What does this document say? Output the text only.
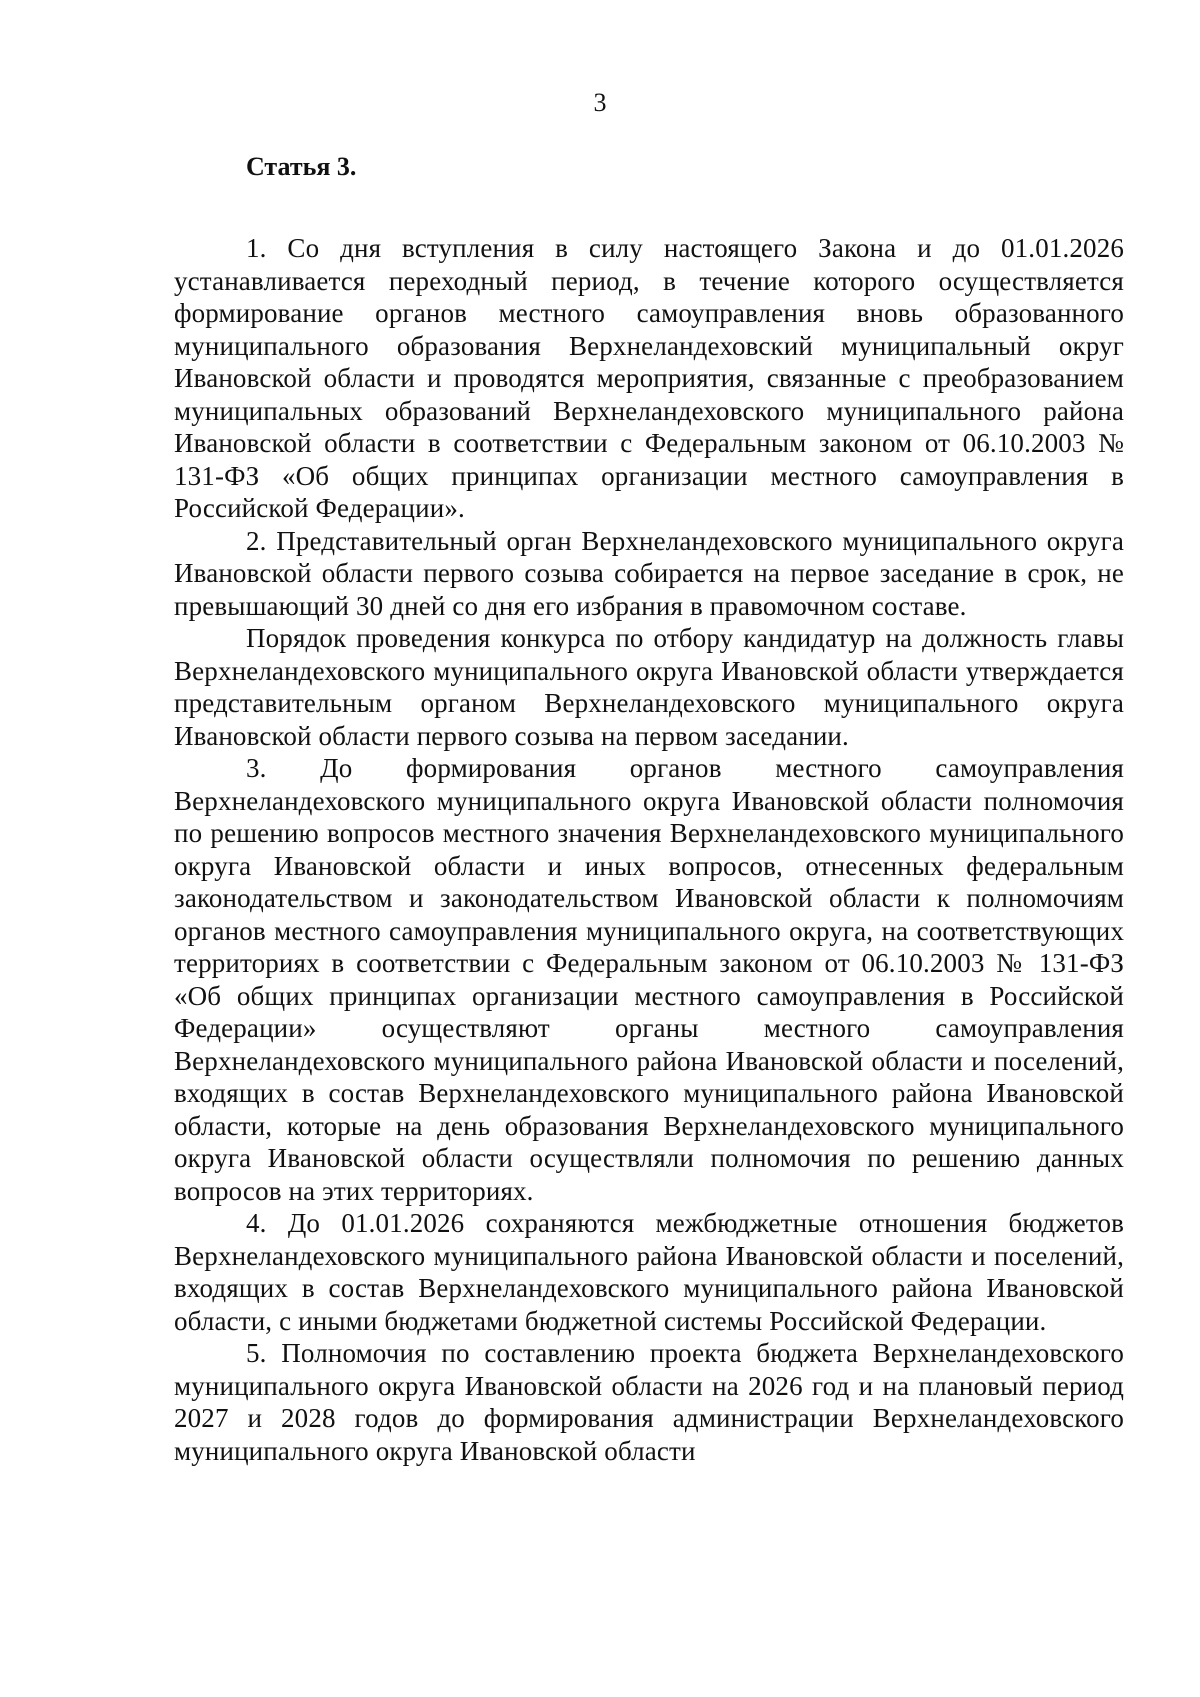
3
Статья 3.

1. Со дня вступления в силу настоящего Закона и до 01.01.2026 устанавливается переходный период, в течение которого осуществляется формирование органов местного самоуправления вновь образованного муниципального образования Верхнеландеховский муниципальный округ Ивановской области и проводятся мероприятия, связанные с преобразованием муниципальных образований Верхнеландеховского муниципального района Ивановской области в соответствии с Федеральным законом от 06.10.2003 № 131-ФЗ «Об общих принципах организации местного самоуправления в Российской Федерации».

2. Представительный орган Верхнеландеховского муниципального округа Ивановской области первого созыва собирается на первое заседание в срок, не превышающий 30 дней со дня его избрания в правомочном составе.

Порядок проведения конкурса по отбору кандидатур на должность главы Верхнеландеховского муниципального округа Ивановской области утверждается представительным органом Верхнеландеховского муниципального округа Ивановской области первого созыва на первом заседании.

3. До формирования органов местного самоуправления Верхнеландеховского муниципального округа Ивановской области полномочия по решению вопросов местного значения Верхнеландеховского муниципального округа Ивановской области и иных вопросов, отнесенных федеральным законодательством и законодательством Ивановской области к полномочиям органов местного самоуправления муниципального округа, на соответствующих территориях в соответствии с Федеральным законом от 06.10.2003 № 131-ФЗ «Об общих принципах организации местного самоуправления в Российской Федерации» осуществляют органы местного самоуправления Верхнеландеховского муниципального района Ивановской области и поселений, входящих в состав Верхнеландеховского муниципального района Ивановской области, которые на день образования Верхнеландеховского муниципального округа Ивановской области осуществляли полномочия по решению данных вопросов на этих территориях.

4. До 01.01.2026 сохраняются межбюджетные отношения бюджетов Верхнеландеховского муниципального района Ивановской области и поселений, входящих в состав Верхнеландеховского муниципального района Ивановской области, с иными бюджетами бюджетной системы Российской Федерации.

5. Полномочия по составлению проекта бюджета Верхнеландеховского муниципального округа Ивановской области на 2026 год и на плановый период 2027 и 2028 годов до формирования администрации Верхнеландеховского муниципального округа Ивановской области
